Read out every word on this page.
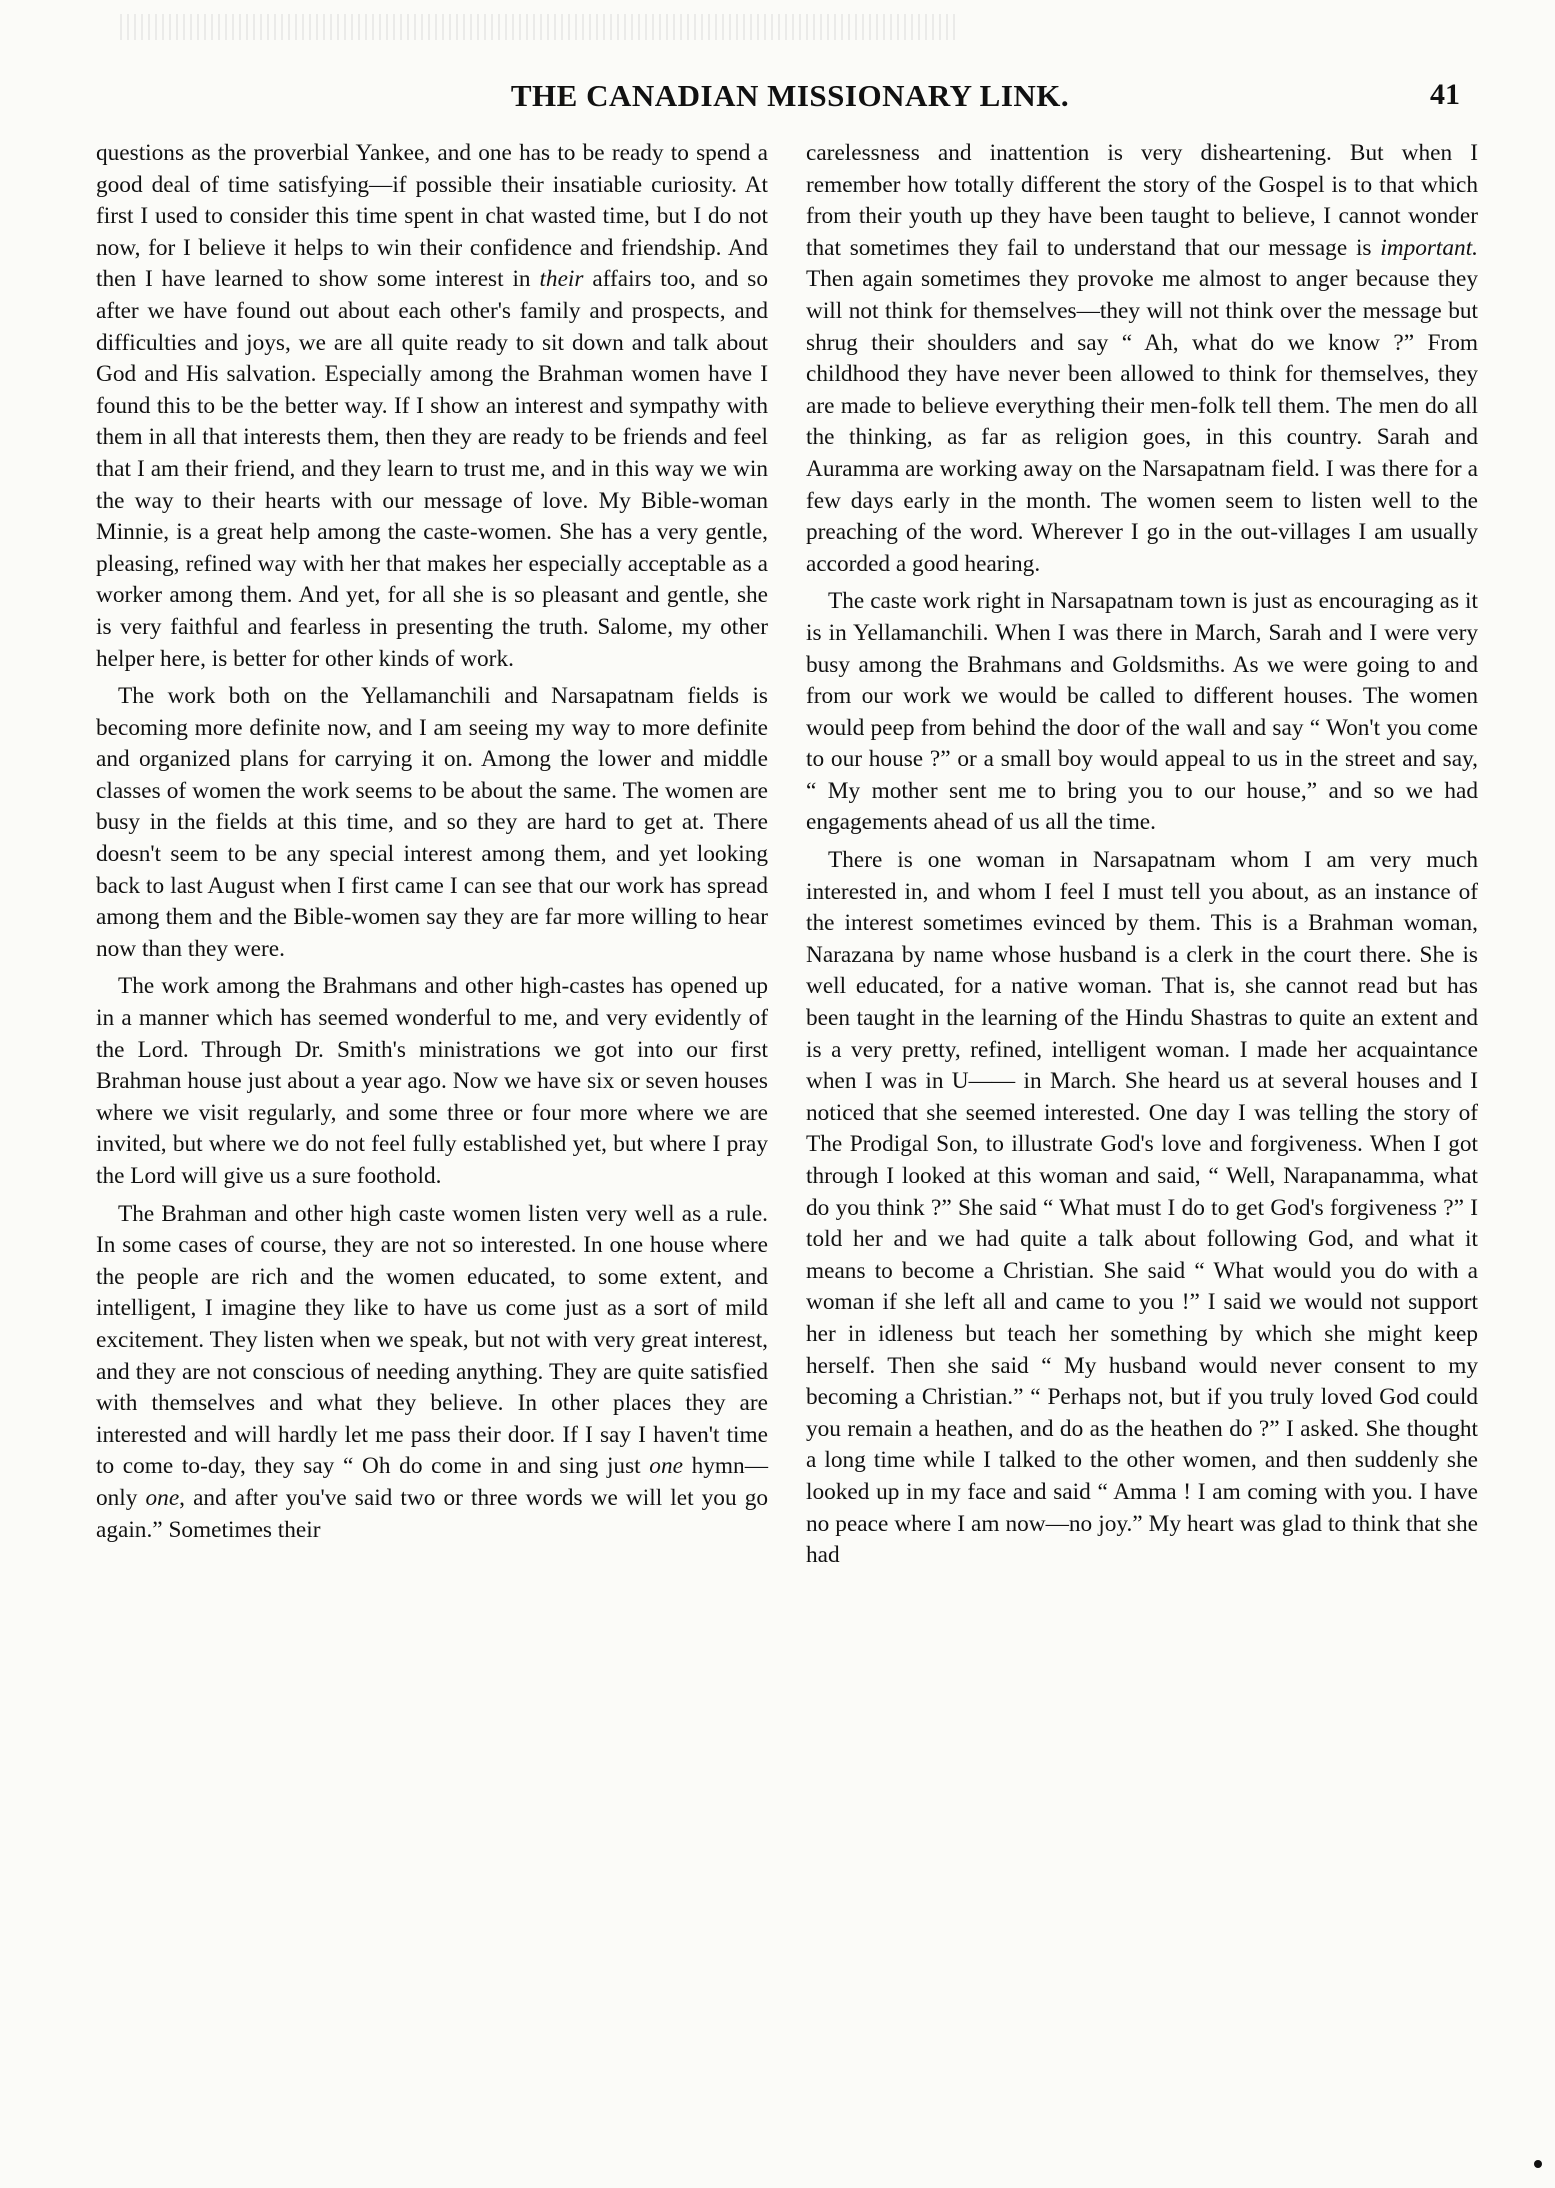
THE CANADIAN MISSIONARY LINK.	41

questions as the proverbial Yankee, and one has to be ready to spend a good deal of time satisfying—if possible their insatiable curiosity. At first I used to consider this time spent in chat wasted time, but I do not now, for I believe it helps to win their confidence and friendship. And then I have learned to show some interest in their affairs too, and so after we have found out about each other's family and prospects, and difficulties and joys, we are all quite ready to sit down and talk about God and His salvation. Especially among the Brahman women have I found this to be the better way. If I show an interest and sympathy with them in all that interests them, then they are ready to be friends and feel that I am their friend, and they learn to trust me, and in this way we win the way to their hearts with our message of love. My Bible-woman Minnie, is a great help among the caste-women. She has a very gentle, pleasing, refined way with her that makes her especially acceptable as a worker among them. And yet, for all she is so pleasant and gentle, she is very faithful and fearless in presenting the truth. Salome, my other helper here, is better for other kinds of work.

The work both on the Yellamanchili and Narsapatnam fields is becoming more definite now, and I am seeing my way to more definite and organized plans for carrying it on. Among the lower and middle classes of women the work seems to be about the same. The women are busy in the fields at this time, and so they are hard to get at. There doesn't seem to be any special interest among them, and yet looking back to last August when I first came I can see that our work has spread among them and the Bible-women say they are far more willing to hear now than they were.

The work among the Brahmans and other high-castes has opened up in a manner which has seemed wonderful to me, and very evidently of the Lord. Through Dr. Smith's ministrations we got into our first Brahman house just about a year ago. Now we have six or seven houses where we visit regularly, and some three or four more where we are invited, but where we do not feel fully established yet, but where I pray the Lord will give us a sure foothold.

The Brahman and other high caste women listen very well as a rule. In some cases of course, they are not so interested. In one house where the people are rich and the women educated, to some extent, and intelligent, I imagine they like to have us come just as a sort of mild excitement. They listen when we speak, but not with very great interest, and they are not conscious of needing anything. They are quite satisfied with themselves and what they believe. In other places they are interested and will hardly let me pass their door. If I say I haven't time to come to-day, they say “ Oh do come in and sing just one hymn—only one, and after you've said two or three words we will let you go again.” Sometimes their

carelessness and inattention is very disheartening. But when I remember how totally different the story of the Gospel is to that which from their youth up they have been taught to believe, I cannot wonder that sometimes they fail to understand that our message is important. Then again sometimes they provoke me almost to anger because they will not think for themselves—they will not think over the message but shrug their shoulders and say “ Ah, what do we know ?” From childhood they have never been allowed to think for themselves, they are made to believe everything their men-folk tell them. The men do all the thinking, as far as religion goes, in this country. Sarah and Auramma are working away on the Narsapatnam field. I was there for a few days early in the month. The women seem to listen well to the preaching of the word. Wherever I go in the out-villages I am usually accorded a good hearing.

The caste work right in Narsapatnam town is just as encouraging as it is in Yellamanchili. When I was there in March, Sarah and I were very busy among the Brahmans and Goldsmiths. As we were going to and from our work we would be called to different houses. The women would peep from behind the door of the wall and say “ Won't you come to our house ?” or a small boy would appeal to us in the street and say, “ My mother sent me to bring you to our house,” and so we had engagements ahead of us all the time.

There is one woman in Narsapatnam whom I am very much interested in, and whom I feel I must tell you about, as an instance of the interest sometimes evinced by them. This is a Brahman woman, Narazana by name whose husband is a clerk in the court there. She is well educated, for a native woman. That is, she cannot read but has been taught in the learning of the Hindu Shastras to quite an extent and is a very pretty, refined, intelligent woman. I made her acquaintance when I was in U—— in March. She heard us at several houses and I noticed that she seemed interested. One day I was telling the story of The Prodigal Son, to illustrate God's love and forgiveness. When I got through I looked at this woman and said, “ Well, Narapanamma, what do you think ?” She said “ What must I do to get God's forgiveness ?” I told her and we had quite a talk about following God, and what it means to become a Christian. She said “ What would you do with a woman if she left all and came to you !” I said we would not support her in idleness but teach her something by which she might keep herself. Then she said “ My husband would never consent to my becoming a Christian.” “ Perhaps not, but if you truly loved God could you remain a heathen, and do as the heathen do ?” I asked. She thought a long time while I talked to the other women, and then suddenly she looked up in my face and said “ Amma ! I am coming with you. I have no peace where I am now—no joy.” My heart was glad to think that she had
